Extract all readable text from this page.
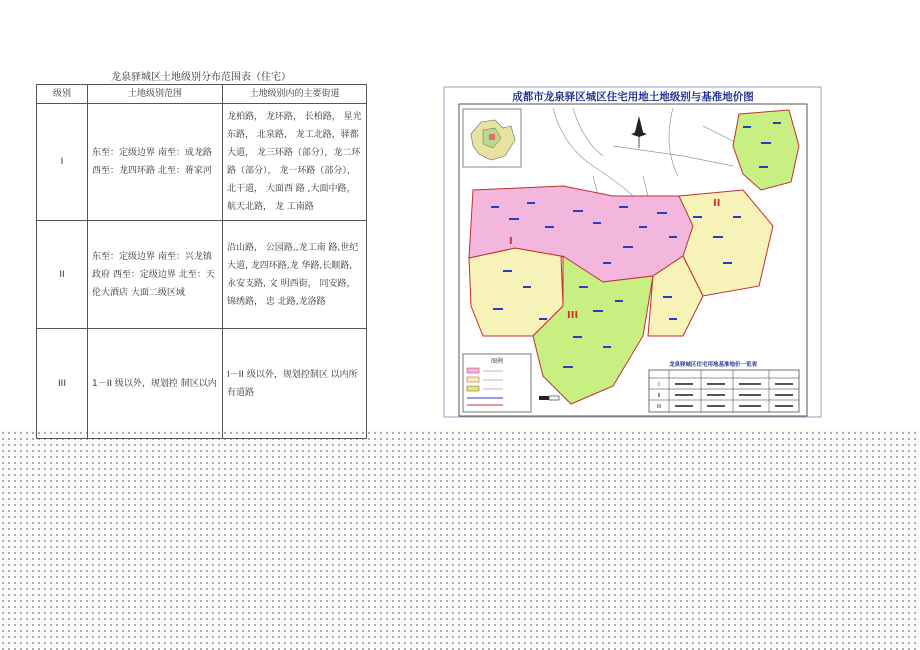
龙泉驿城区土地级别分布范围表（住宅）
级别	土地级别范围	土地级别内的主要街道
I	东至：定级边界 南至：成龙路 西至：龙四环路 北至：蒋家河	龙柏路， 龙环路， 长柏路， 星光东路， 北泉路， 龙工北路，驿都大道， 龙三环路（部分），龙二环路（部分）， 龙一环路（部分）， 北干道， 大面西 路 ,大面中路，航天北路， 龙 工南路
II	东至：定级边界 南至：兴龙镇政府 西至：定级边界 北至：天伦大酒店 大面二级区域	沿山路， 公园路,,龙工南 路,世纪大道, 龙四环路,龙 华路,长顺路, 永安支路, 文 明西街， 同安路， 锦绣路， 忠 北路,龙洛路
III	1－II 级以外，规划控 制区以内	I－II 级以外，规划控制区 以内所有道路
成都市龙泉驿区城区住宅用地土地级别与基准地价图
I
II
III
图例	龙泉驿城区住宅用地基准地价一览表
I
II
III
